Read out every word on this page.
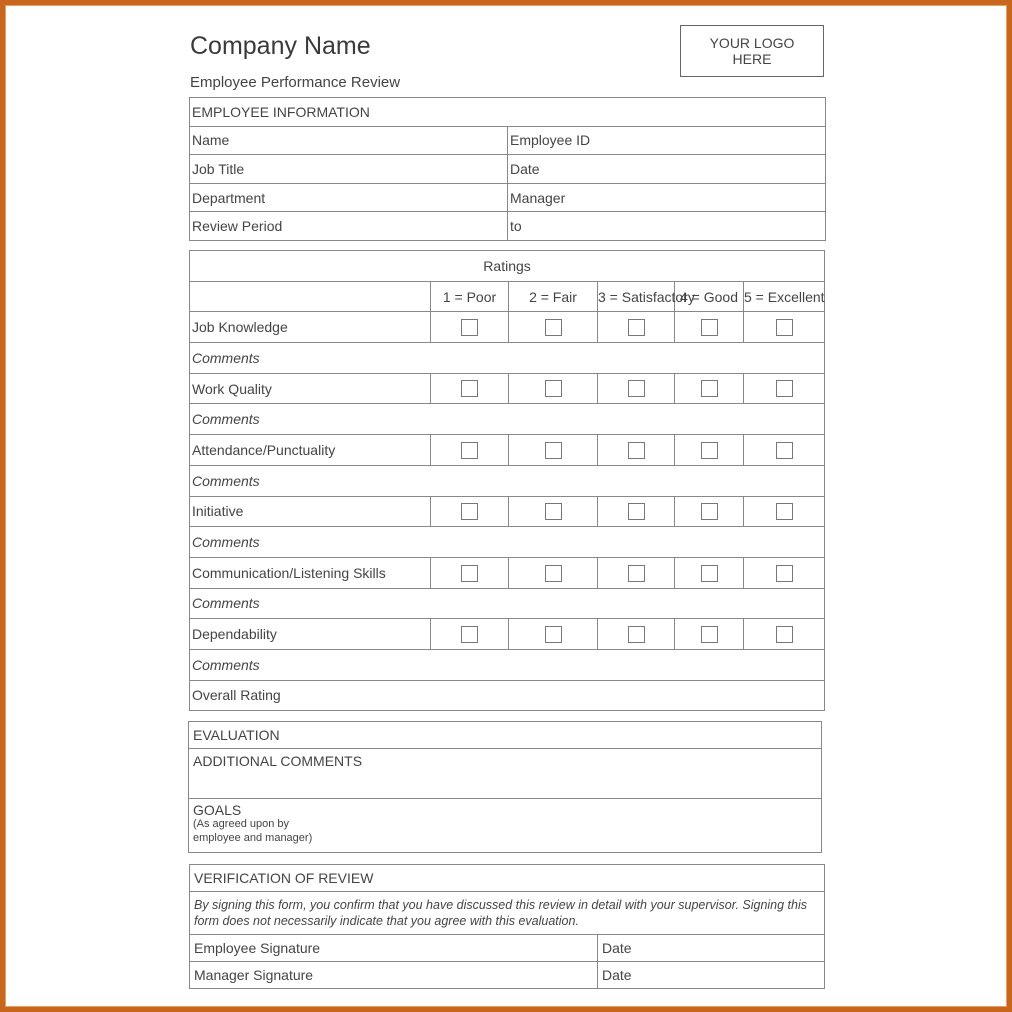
Company Name
Employee Performance Review
YOUR LOGO HERE
EMPLOYEE INFORMATION	
Name	Employee ID
Job Title	Date
Department	Manager
Review Period	to
Ratings					
	1 = Poor	2 = Fair	3 = Satisfactory	4 = Good	5 = Excellent
Job Knowledge					
Comments					
Work Quality					
Comments					
Attendance/Punctuality					
Comments					
Initiative					
Comments					
Communication/Listening Skills					
Comments					
Dependability					
Comments					
Overall Rating					
EVALUATION
ADDITIONAL COMMENTS
GOALS
(As agreed upon by
employee and manager)
VERIFICATION OF REVIEW	
By signing this form, you confirm that you have discussed this review in detail with your supervisor. Signing this form does not necessarily indicate that you agree with this evaluation.	
Employee Signature	Date
Manager Signature	Date
